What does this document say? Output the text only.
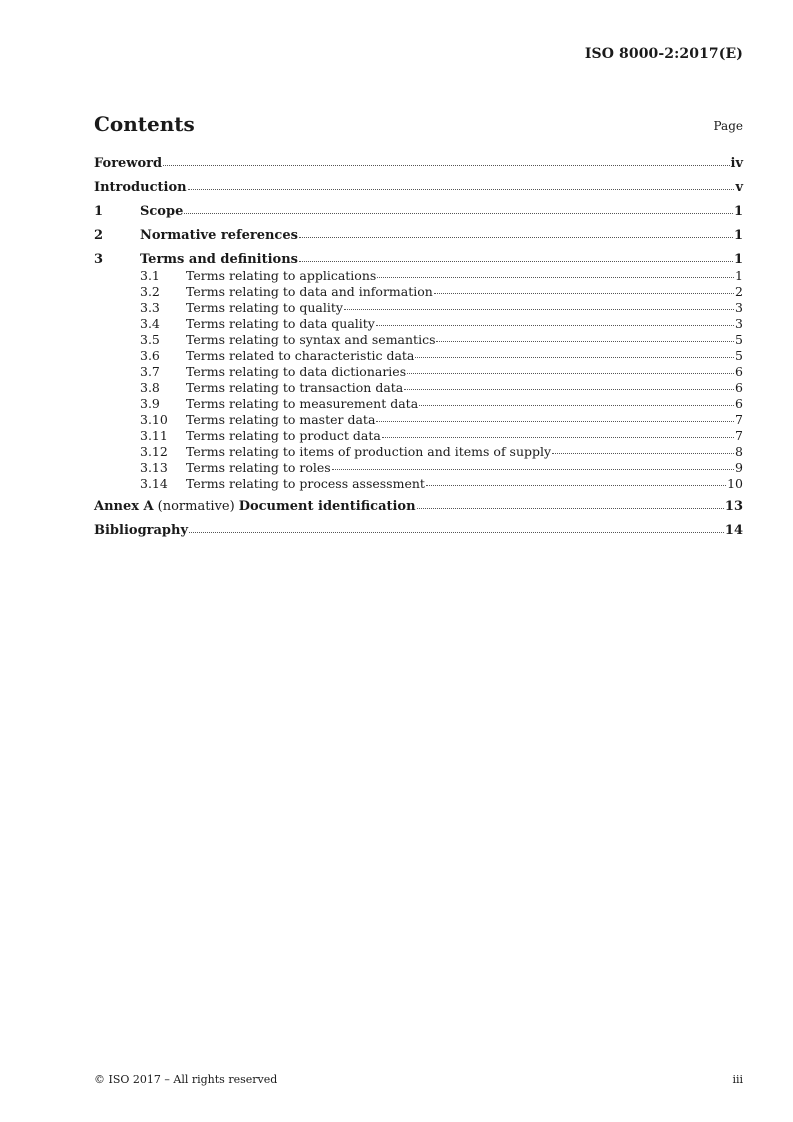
ISO 8000-2:2017(E)
Contents	Page
Foreword	iv
Introduction	v
1	Scope	1
2	Normative references	1
3	Terms and definitions	1
3.1	Terms relating to applications	1
3.2	Terms relating to data and information	2
3.3	Terms relating to quality	3
3.4	Terms relating to data quality	3
3.5	Terms relating to syntax and semantics	5
3.6	Terms related to characteristic data	5
3.7	Terms relating to data dictionaries	6
3.8	Terms relating to transaction data	6
3.9	Terms relating to measurement data	6
3.10	Terms relating to master data	7
3.11	Terms relating to product data	7
3.12	Terms relating to items of production and items of supply	8
3.13	Terms relating to roles	9
3.14	Terms relating to process assessment	10
Annex A (normative) Document identification	13
Bibliography	14
© ISO 2017 – All rights reserved	iii
